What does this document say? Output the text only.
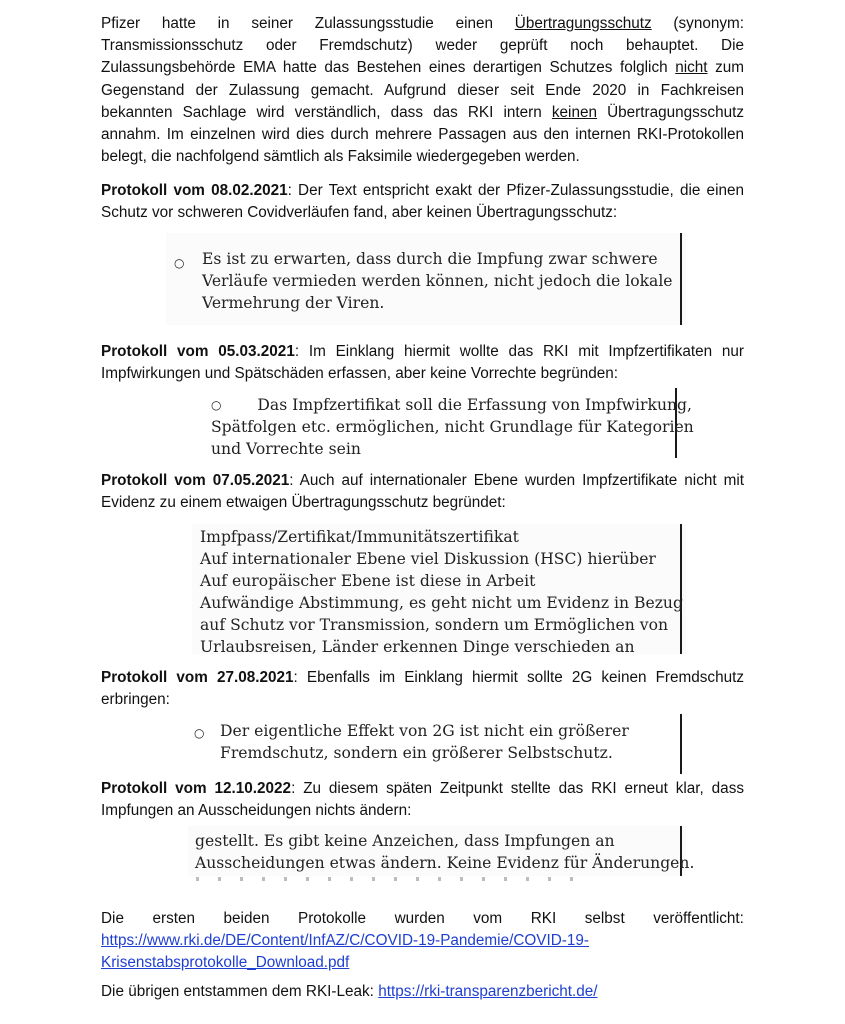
Pfizer hatte in seiner Zulassungsstudie einen Übertragungsschutz (synonym: Transmissionsschutz oder Fremdschutz) weder geprüft noch behauptet. Die Zulassungsbehörde EMA hatte das Bestehen eines derartigen Schutzes folglich nicht zum Gegenstand der Zulassung gemacht. Aufgrund dieser seit Ende 2020 in Fachkreisen bekannten Sachlage wird verständlich, dass das RKI intern keinen Übertragungsschutz annahm. Im einzelnen wird dies durch mehrere Passagen aus den internen RKI-Protokollen belegt, die nachfolgend sämtlich als Faksimile wiedergegeben werden.

Protokoll vom 08.02.2021: Der Text entspricht exakt der Pfizer-Zulassungsstudie, die einen Schutz vor schweren Covidverläufen fand, aber keinen Übertragungsschutz:

○ Es ist zu erwarten, dass durch die Impfung zwar schwere
Verläufe vermieden werden können, nicht jedoch die lokale
Vermehrung der Viren.

Protokoll vom 05.03.2021: Im Einklang hiermit wollte das RKI mit Impfzertifikaten nur Impfwirkungen und Spätschäden erfassen, aber keine Vorrechte begründen:

○ Das Impfzertifikat soll die Erfassung von Impfwirkung,
Spätfolgen etc. ermöglichen, nicht Grundlage für Kategorien
und Vorrechte sein

Protokoll vom 07.05.2021: Auch auf internationaler Ebene wurden Impfzertifikate nicht mit Evidenz zu einem etwaigen Übertragungsschutz begründet:

Impfpass/Zertifikat/Immunitätszertifikat
Auf internationaler Ebene viel Diskussion (HSC) hierüber
Auf europäischer Ebene ist diese in Arbeit
Aufwändige Abstimmung, es geht nicht um Evidenz in Bezug
auf Schutz vor Transmission, sondern um Ermöglichen von
Urlaubsreisen, Länder erkennen Dinge verschieden an

Protokoll vom 27.08.2021: Ebenfalls im Einklang hiermit sollte 2G keinen Fremdschutz erbringen:

○ Der eigentliche Effekt von 2G ist nicht ein größerer
Fremdschutz, sondern ein größerer Selbstschutz.

Protokoll vom 12.10.2022: Zu diesem späten Zeitpunkt stellte das RKI erneut klar, dass Impfungen an Ausscheidungen nichts ändern:

gestellt. Es gibt keine Anzeichen, dass Impfungen an
Ausscheidungen etwas ändern. Keine Evidenz für Änderungen.
Die ersten beiden Protokolle wurden vom RKI selbst veröffentlicht:
https://www.rki.de/DE/Content/InfAZ/C/COVID-19-Pandemie/COVID-19-
Krisenstabsprotokolle_Download.pdf
Die übrigen entstammen dem RKI-Leak: https://rki-transparenzbericht.de/
